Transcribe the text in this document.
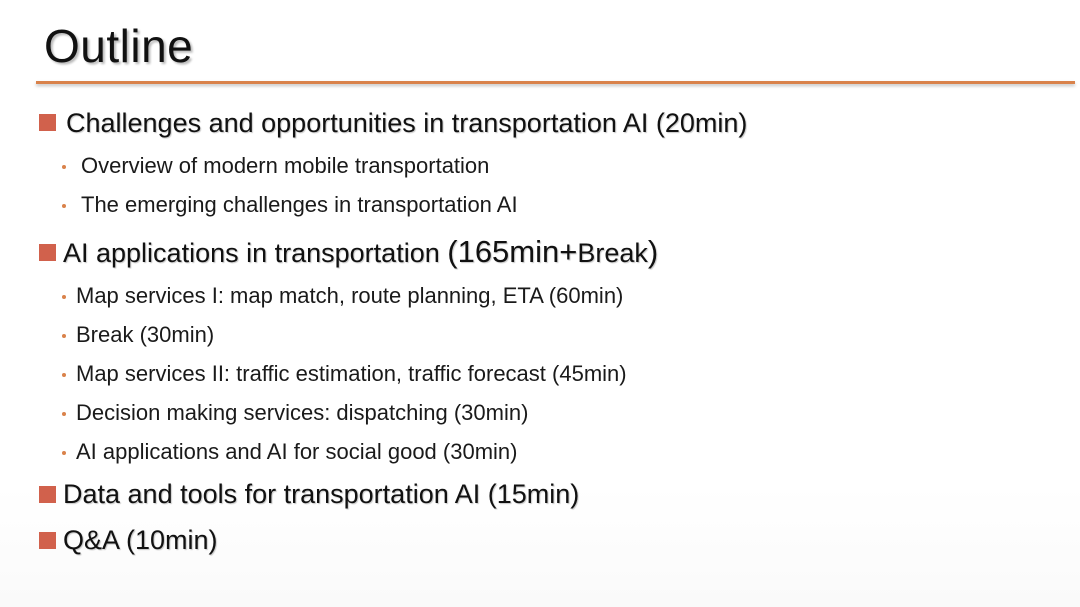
Outline
Challenges and opportunities in transportation AI (20min)
Overview of modern mobile transportation
The emerging challenges in transportation AI
AI applications in transportation (165min+Break)
Map services I: map match, route planning, ETA (60min)
Break (30min)
Map services II: traffic estimation, traffic forecast (45min)
Decision making services: dispatching (30min)
AI applications and AI for social good (30min)
Data and tools for transportation AI (15min)
Q&A (10min)
